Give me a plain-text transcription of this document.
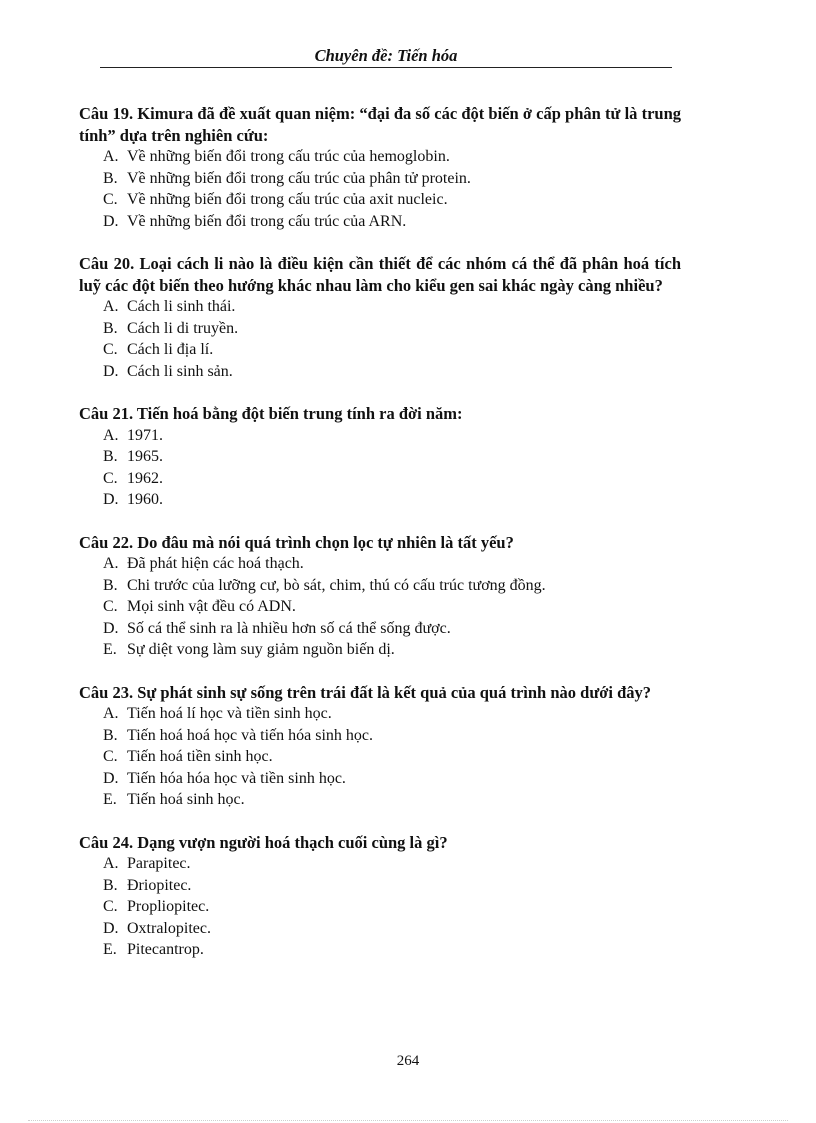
Chuyên đề: Tiến hóa

Câu 19. Kimura đã đề xuất quan niệm: “đại đa số các đột biến ở cấp phân tử là trung tính” dựa trên nghiên cứu:

A. Về những biến đổi trong cấu trúc của hemoglobin.
B. Về những biến đổi trong cấu trúc của phân tử protein.
C. Về những biến đổi trong cấu trúc của axit nucleic.
D. Về những biến đổi trong cấu trúc của ARN.

Câu 20. Loại cách li nào là điều kiện cần thiết để các nhóm cá thể đã phân hoá tích luỹ các đột biến theo hướng khác nhau làm cho kiểu gen sai khác ngày càng nhiều?

A. Cách li sinh thái.
B. Cách li di truyền.
C. Cách li địa lí.
D. Cách li sinh sản.

Câu 21. Tiến hoá bằng đột biến trung tính ra đời năm:

A. 1971.
B. 1965.
C. 1962.
D. 1960.

Câu 22. Do đâu mà nói quá trình chọn lọc tự nhiên là tất yếu?

A. Đã phát hiện các hoá thạch.
B. Chi trước của lưỡng cư, bò sát, chim, thú có cấu trúc tương đồng.
C. Mọi sinh vật đều có ADN.
D. Số cá thể sinh ra là nhiều hơn số cá thể sống được.
E. Sự diệt vong làm suy giảm nguồn biến dị.

Câu 23. Sự phát sinh sự sống trên trái đất là kết quả của quá trình nào dưới đây?

A. Tiến hoá lí học và tiền sinh học.
B. Tiến hoá hoá học và tiến hóa sinh học.
C. Tiến hoá tiền sinh học.
D. Tiến hóa hóa học và tiền sinh học.
E. Tiến hoá sinh học.

Câu 24. Dạng vượn người hoá thạch cuối cùng là gì?

A. Parapitec.
B. Đriopitec.
C. Propliopitec.
D. Oxtralopitec.
E. Pitecantrop.
264
